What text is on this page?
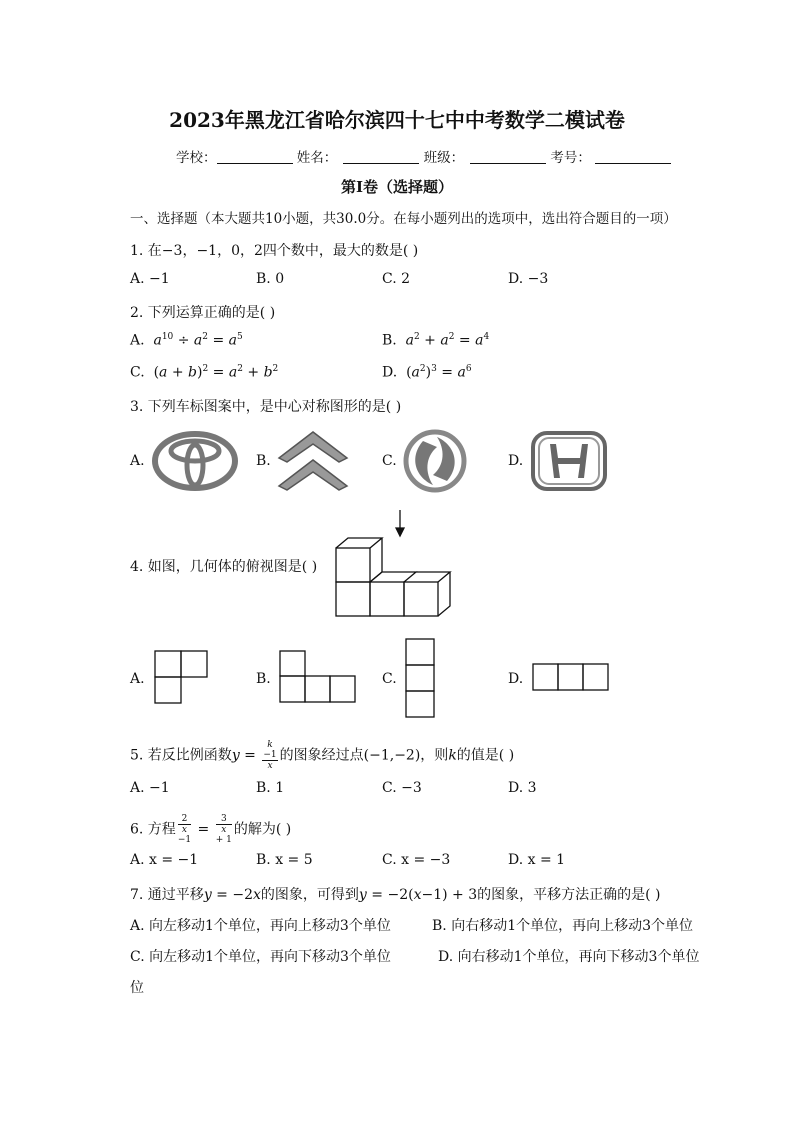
2023年黑龙江省哈尔滨四十七中中考数学二模试卷
学校：	姓名：	班级：	考号：
第Ⅰ卷（选择题）
一、选择题（本大题共10小题，共30.0分。在每小题列出的选项中，选出符合题目的一项）
1. 在−3，−1，0，2四个数中，最大的数是( )
A. −1	B. 0	C. 2	D. −3
2. 下列运算正确的是( )
A.  $a^{10} \div a^2 = a^5$	B.  $a^2 + a^2 = a^4$
C.  $(a + b)^2 = a^2 + b^2$	D.  $(a^2)^3 = a^6$
3. 下列车标图案中，是中心对称图形的是( )
A.	B.	C.	D.
4. 如图，几何体的俯视图是( )
A.	B.	C.	D.
5. 若反比例函数y = k
−1
x 的图象经过点(−1,−2)，则k的值是( )
A. −1	B. 1	C. −3	D. 3
6. 方程 2
x
−1 = 3
x
+ 1 的解为( )
A. x = −1	B. x = 5	C. x = −3	D. x = 1
7. 通过平移y = −2x的图象，可得到y = −2(x−1) + 3的图象，平移方法正确的是( )
A. 向左移动1个单位，再向上移动3个单位	B. 向右移动1个单位，再向上移动3个单位
C. 向左移动1个单位，再向下移动3个单位	D. 向右移动1个单位，再向下移动3个单位
位
